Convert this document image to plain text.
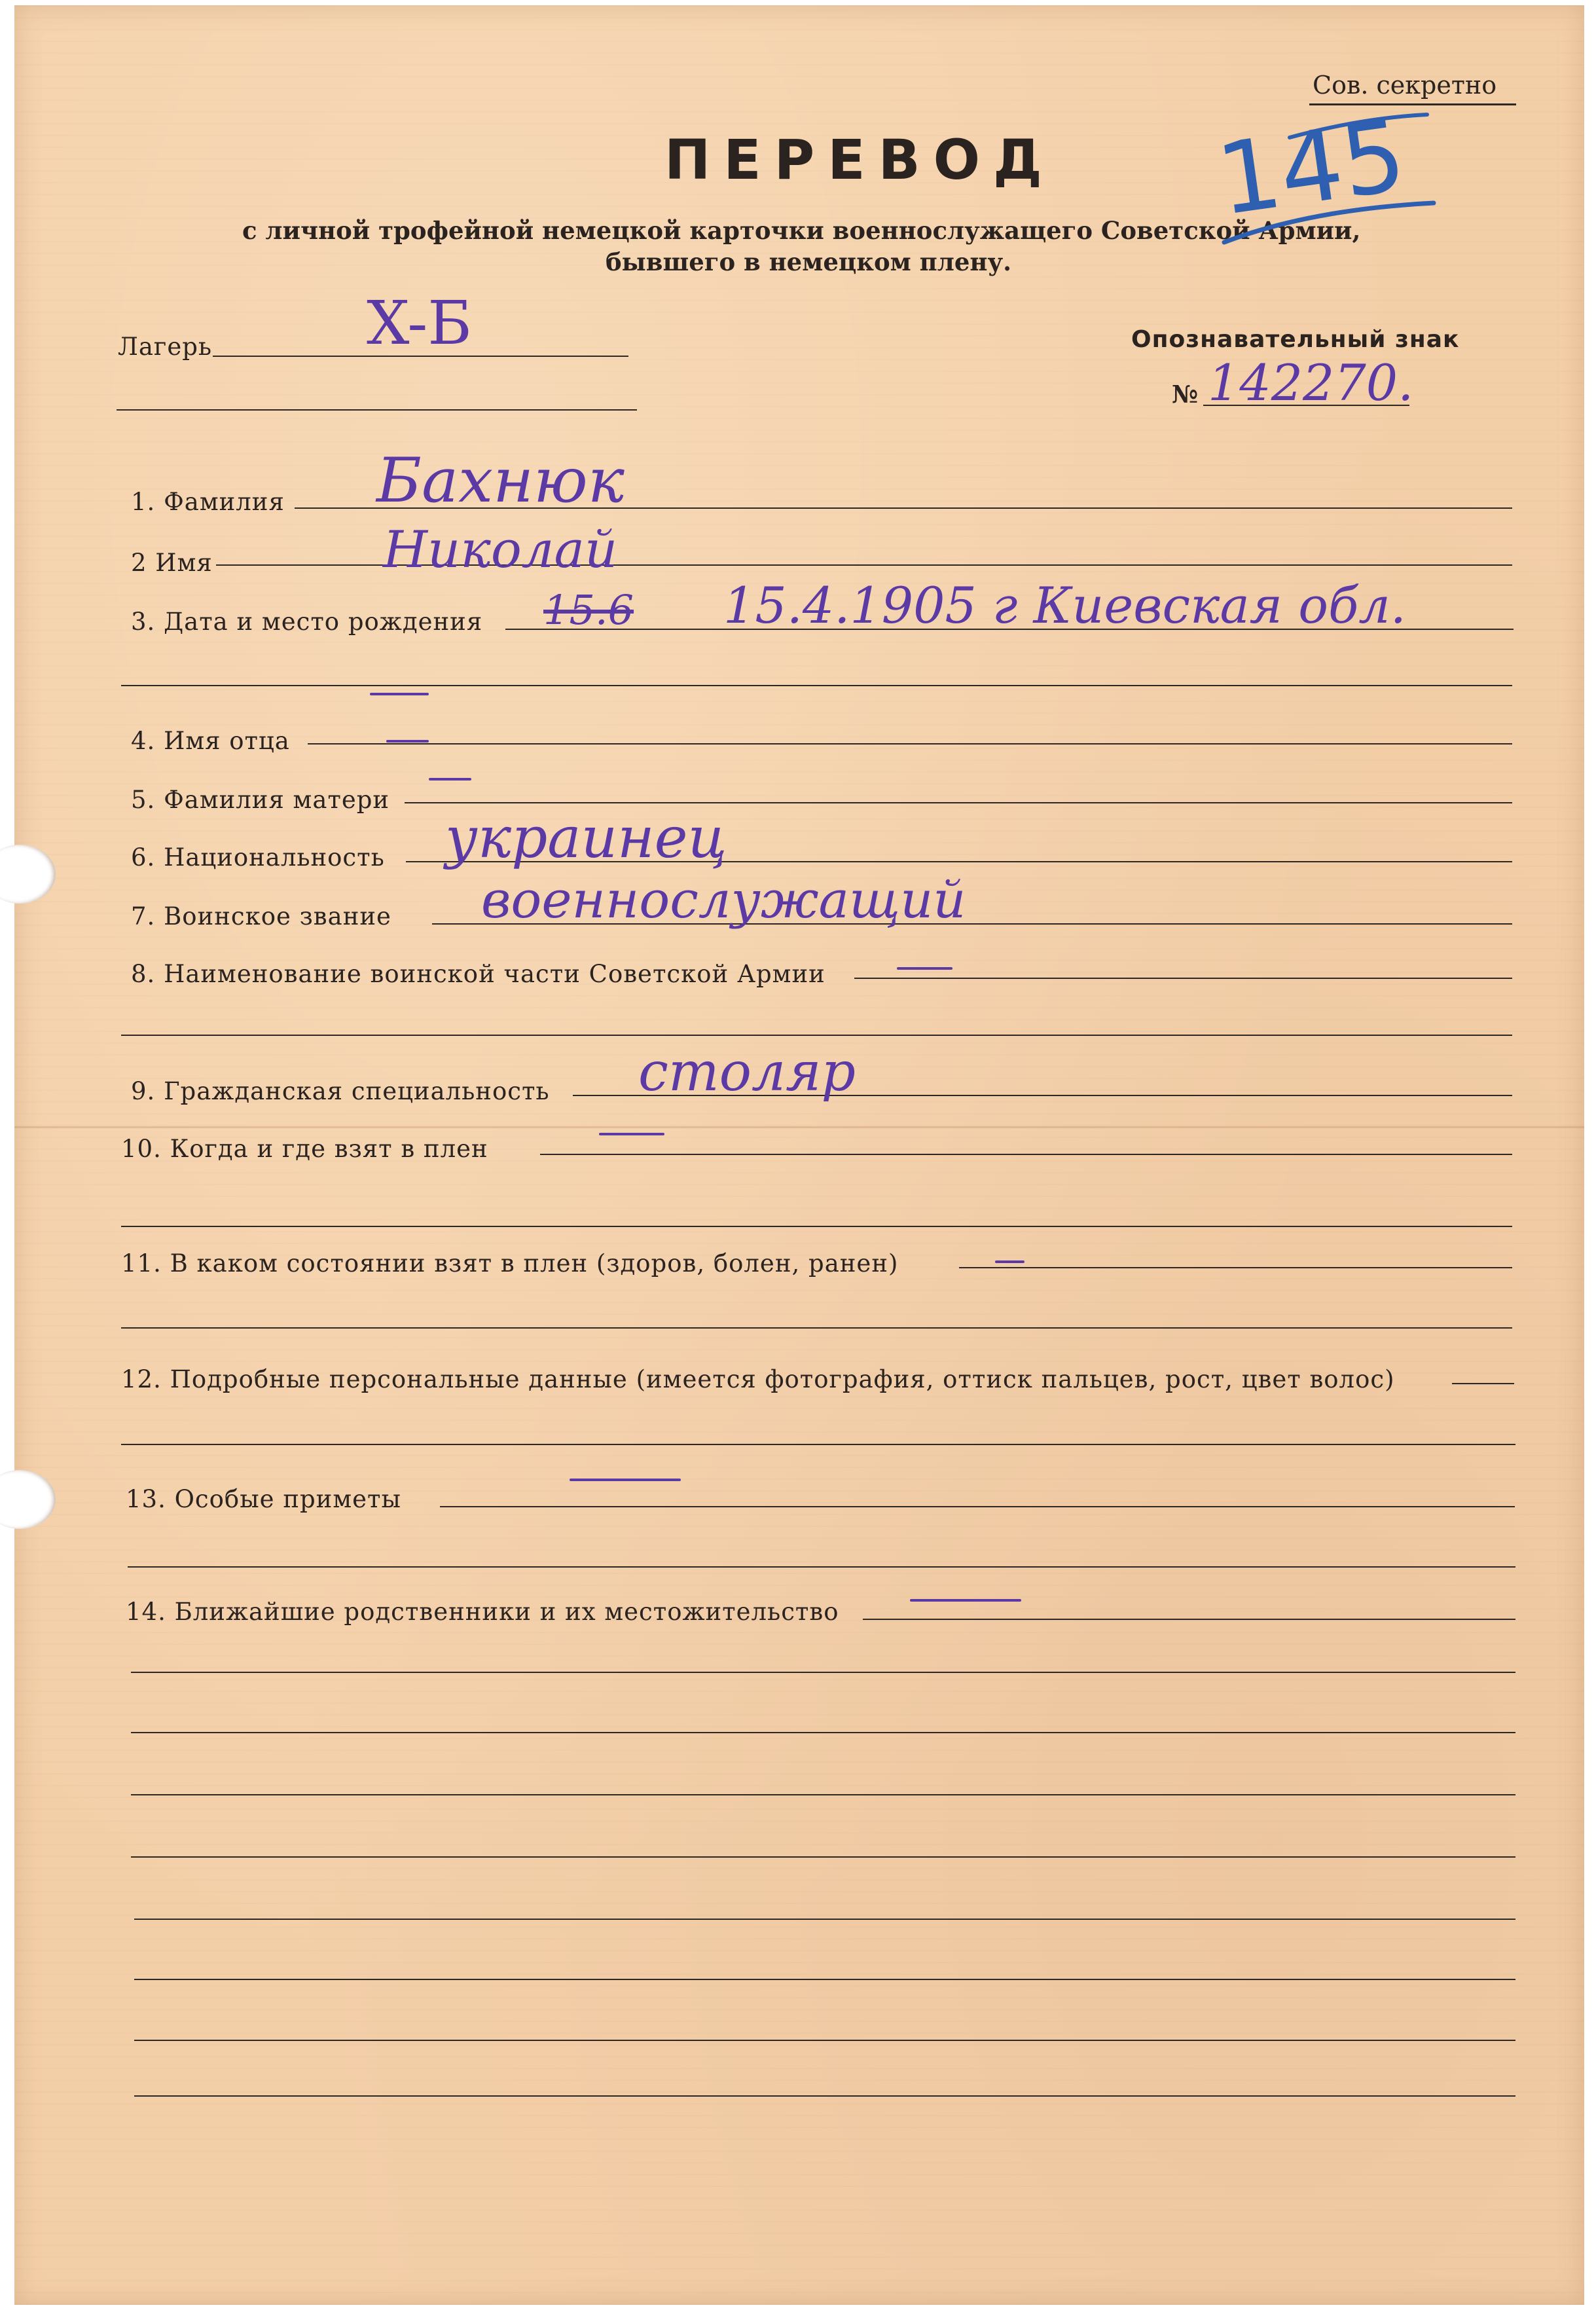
Сов. секретно
ПЕРЕВОД
с личной трофейной немецкой карточки военнослужащего Советской Армии,
бывшего в немецком плену.
145
Лагерь	X-Б	Опознавательный знак
№ 142270.
1. Фамилия Бахнюк
2 Имя	Николай
3. Дата и место рождения 15.6 15.4.1905 г Киевская обл.
4. Имя отца
5. Фамилия матери
6. Национальность украинец
7. Воинское звание военнослужащий
8. Наименование воинской части Советской Армии
9. Гражданская специальность столяр
10. Когда и где взят в плен
11. В каком состоянии взят в плен (здоров, болен, ранен)
12. Подробные персональные данные (имеется фотография, оттиск пальцев, рост, цвет волос)
13. Особые приметы
14. Ближайшие родственники и их местожительство
